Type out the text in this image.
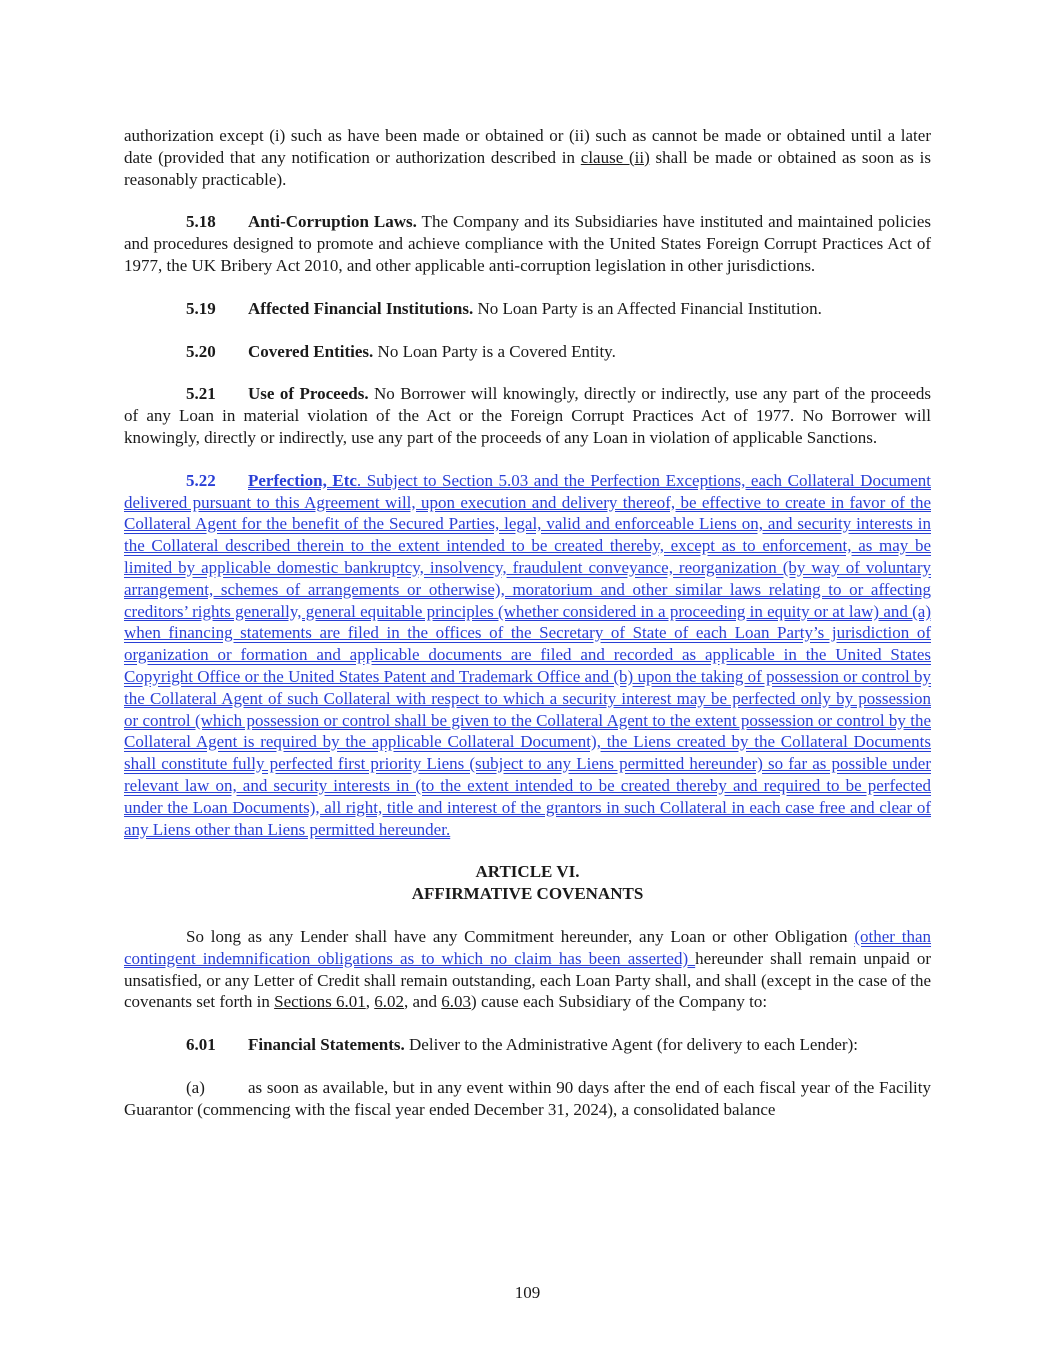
authorization except (i) such as have been made or obtained or (ii) such as cannot be made or obtained until a later date (provided that any notification or authorization described in clause (ii) shall be made or obtained as soon as is reasonably practicable).

5.18 Anti-Corruption Laws. The Company and its Subsidiaries have instituted and maintained policies and procedures designed to promote and achieve compliance with the United States Foreign Corrupt Practices Act of 1977, the UK Bribery Act 2010, and other applicable anti-corruption legislation in other jurisdictions.

5.19 Affected Financial Institutions. No Loan Party is an Affected Financial Institution.

5.20 Covered Entities. No Loan Party is a Covered Entity.

5.21 Use of Proceeds. No Borrower will knowingly, directly or indirectly, use any part of the proceeds of any Loan in material violation of the Act or the Foreign Corrupt Practices Act of 1977. No Borrower will knowingly, directly or indirectly, use any part of the proceeds of any Loan in violation of applicable Sanctions.

5.22 Perfection, Etc. Subject to Section 5.03 and the Perfection Exceptions, each Collateral Document delivered pursuant to this Agreement will, upon execution and delivery thereof, be effective to create in favor of the Collateral Agent for the benefit of the Secured Parties, legal, valid and enforceable Liens on, and security interests in the Collateral described therein to the extent intended to be created thereby, except as to enforcement, as may be limited by applicable domestic bankruptcy, insolvency, fraudulent conveyance, reorganization (by way of voluntary arrangement, schemes of arrangements or otherwise), moratorium and other similar laws relating to or affecting creditors’ rights generally, general equitable principles (whether considered in a proceeding in equity or at law) and (a) when financing statements are filed in the offices of the Secretary of State of each Loan Party’s jurisdiction of organization or formation and applicable documents are filed and recorded as applicable in the United States Copyright Office or the United States Patent and Trademark Office and (b) upon the taking of possession or control by the Collateral Agent of such Collateral with respect to which a security interest may be perfected only by possession or control (which possession or control shall be given to the Collateral Agent to the extent possession or control by the Collateral Agent is required by the applicable Collateral Document), the Liens created by the Collateral Documents shall constitute fully perfected first priority Liens (subject to any Liens permitted hereunder) so far as possible under relevant law on, and security interests in (to the extent intended to be created thereby and required to be perfected under the Loan Documents), all right, title and interest of the grantors in such Collateral in each case free and clear of any Liens other than Liens permitted hereunder.

ARTICLE VI.

AFFIRMATIVE COVENANTS

So long as any Lender shall have any Commitment hereunder, any Loan or other Obligation (other than contingent indemnification obligations as to which no claim has been asserted) hereunder shall remain unpaid or unsatisfied, or any Letter of Credit shall remain outstanding, each Loan Party shall, and shall (except in the case of the covenants set forth in Sections 6.01, 6.02, and 6.03) cause each Subsidiary of the Company to:

6.01 Financial Statements. Deliver to the Administrative Agent (for delivery to each Lender):

(a)	as soon as available, but in any event within 90 days after the end of each fiscal year of the Facility Guarantor (commencing with the fiscal year ended December 31, 2024), a consolidated balance

109
